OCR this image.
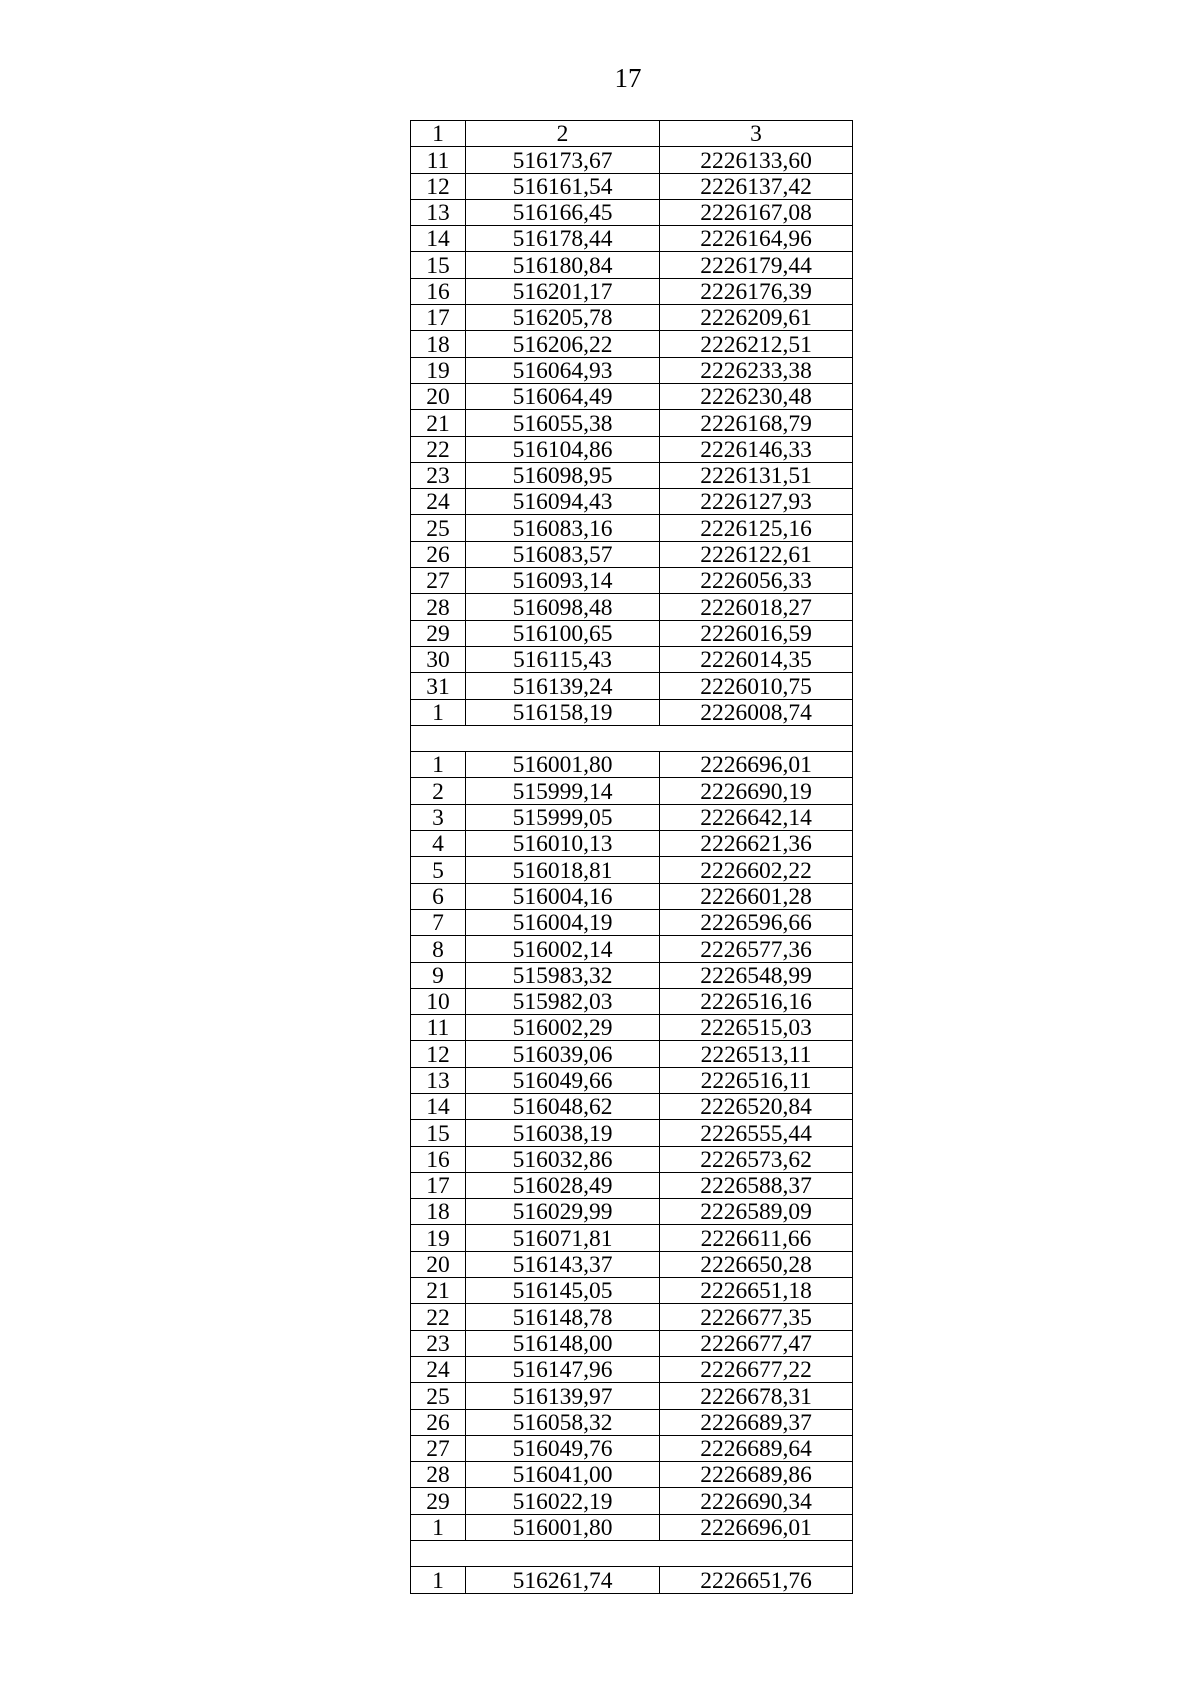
17
1	2	3
11	516173,67	2226133,60
12	516161,54	2226137,42
13	516166,45	2226167,08
14	516178,44	2226164,96
15	516180,84	2226179,44
16	516201,17	2226176,39
17	516205,78	2226209,61
18	516206,22	2226212,51
19	516064,93	2226233,38
20	516064,49	2226230,48
21	516055,38	2226168,79
22	516104,86	2226146,33
23	516098,95	2226131,51
24	516094,43	2226127,93
25	516083,16	2226125,16
26	516083,57	2226122,61
27	516093,14	2226056,33
28	516098,48	2226018,27
29	516100,65	2226016,59
30	516115,43	2226014,35
31	516139,24	2226010,75
1	516158,19	2226008,74

1	516001,80	2226696,01
2	515999,14	2226690,19
3	515999,05	2226642,14
4	516010,13	2226621,36
5	516018,81	2226602,22
6	516004,16	2226601,28
7	516004,19	2226596,66
8	516002,14	2226577,36
9	515983,32	2226548,99
10	515982,03	2226516,16
11	516002,29	2226515,03
12	516039,06	2226513,11
13	516049,66	2226516,11
14	516048,62	2226520,84
15	516038,19	2226555,44
16	516032,86	2226573,62
17	516028,49	2226588,37
18	516029,99	2226589,09
19	516071,81	2226611,66
20	516143,37	2226650,28
21	516145,05	2226651,18
22	516148,78	2226677,35
23	516148,00	2226677,47
24	516147,96	2226677,22
25	516139,97	2226678,31
26	516058,32	2226689,37
27	516049,76	2226689,64
28	516041,00	2226689,86
29	516022,19	2226690,34
1	516001,80	2226696,01

1	516261,74	2226651,76
